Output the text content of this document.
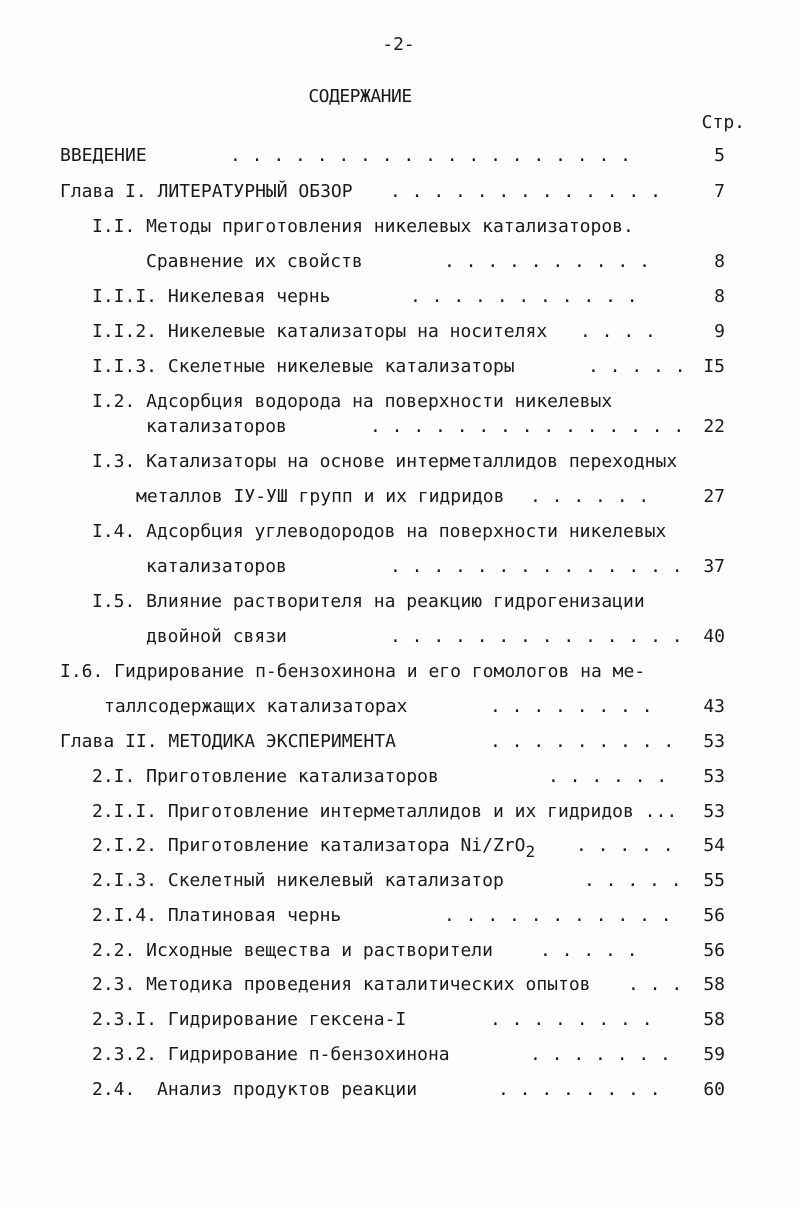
-2-
СОДЕРЖАНИЕ
Стр.
ВВЕДЕНИЕ	. . . . . . . . . . . . . . . . . . .	5
Глава I. ЛИТЕРАТУРНЫЙ ОБЗОР . . . . . . . . . . . . .	7
I.I. Методы приготовления никелевых катализаторов.
Сравнение их свойств	. . . . . . . . . .	8
I.I.I. Никелевая чернь	. . . . . . . . . . .	8
I.I.2. Никелевые катализаторы на носителях . . . .	9
I.I.3. Скелетные никелевые катализаторы	. . . . . I5
I.2. Адсорбция водорода на поверхности никелевых
катализаторов	. . . . . . . . . . . . . . .	22
I.3. Катализаторы на основе интерметаллидов переходных
металлов IУ-УШ групп и их гидридов . . . . . .	27
I.4. Адсорбция углеводородов на поверхности никелевых
катализаторов	. . . . . . . . . . . . . .	37
I.5. Влияние растворителя на реакцию гидрогенизации
двойной связи	. . . . . . . . . . . . . .	40
I.6. Гидрирование п-бензохинона и его гомологов на ме-
таллсодержащих катализаторах	. . . . . . . .	43
Глава II. МЕТОДИКА ЭКСПЕРИМЕНТА	. . . . . . . . .	53
2.I. Приготовление катализаторов	. . . . . .	53
2.I.I. Приготовление интерметаллидов и их гидридов ...	53
2.I.2. Приготовление катализатора Ni/ZrO2 . . . . .	54
2.I.3. Скелетный никелевый катализатор	. . . . .	55
2.I.4. Платиновая чернь	. . . . . . . . . . .	56
2.2. Исходные вещества и растворители	. . . . .	56
2.3. Методика проведения каталитических опытов . . .	58
2.3.I. Гидрирование гексена-I	. . . . . . . .	58
2.3.2. Гидрирование п-бензохинона	. . . . . . .	59
2.4.  Анализ продуктов реакции	. . . . . . . .	60
